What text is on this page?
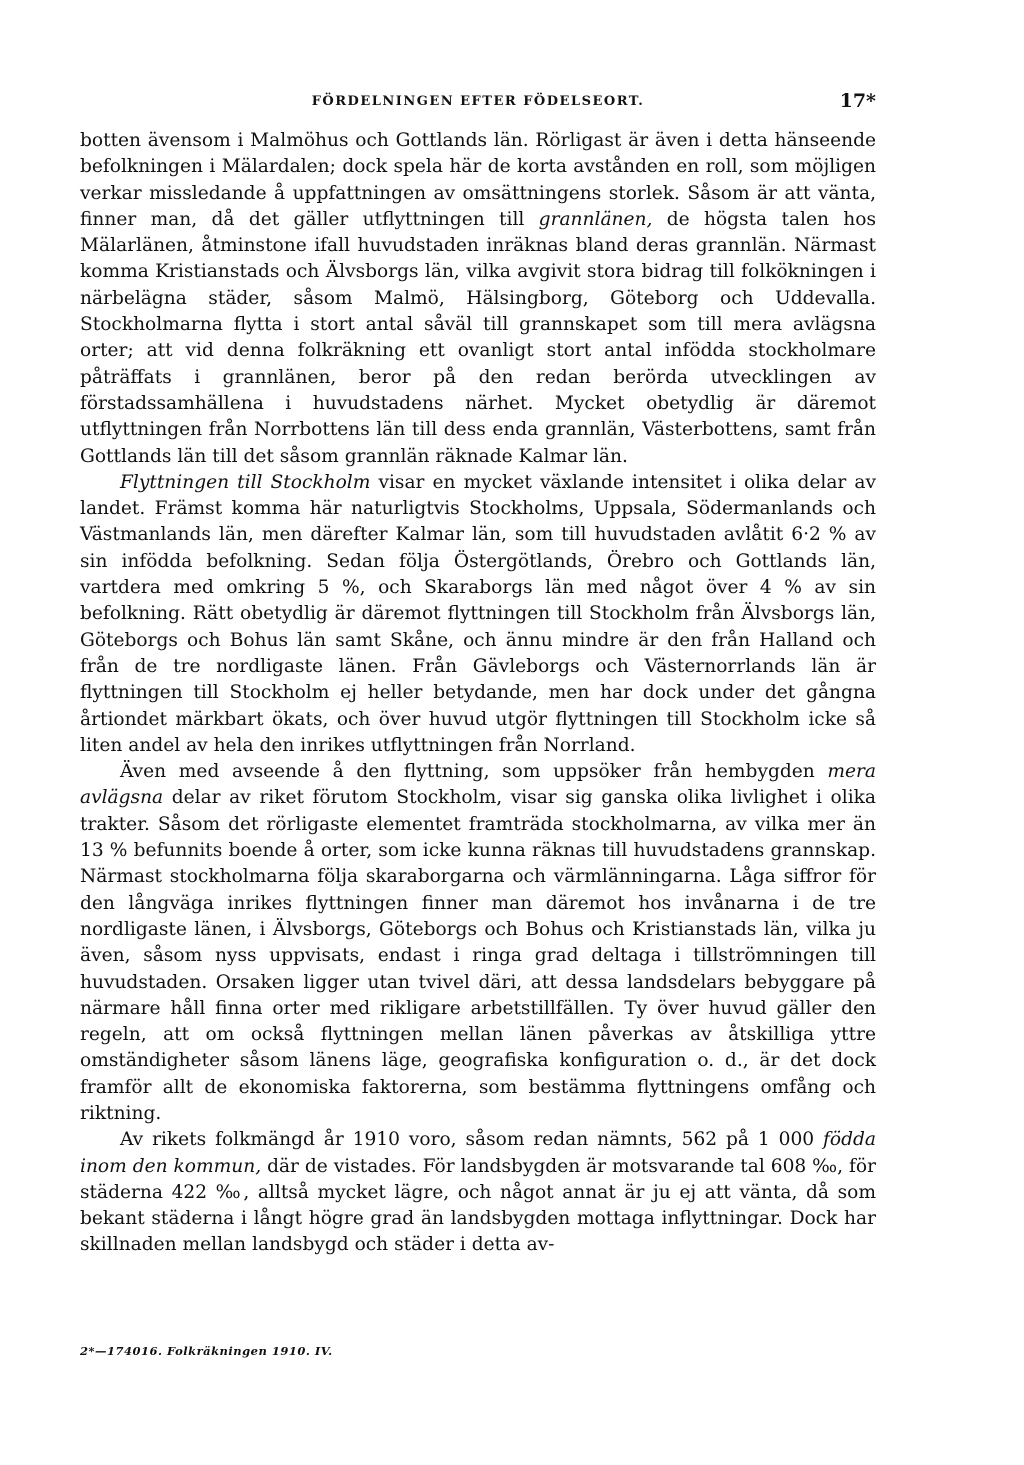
FÖRDELNINGEN EFTER FÖDELSEORT.	17*

botten ävensom i Malmöhus och Gottlands län. Rörligast är även i detta hänseende befolkningen i Mälardalen; dock spela här de korta avstånden en roll, som möjligen verkar missledande å uppfattningen av omsättningens storlek. Såsom är att vänta, finner man, då det gäller utflyttningen till grannlänen, de högsta talen hos Mälarlänen, åtminstone ifall huvudstaden inräknas bland deras grannlän. Närmast komma Kristianstads och Älvsborgs län, vilka avgivit stora bidrag till folkökningen i närbelägna städer, såsom Malmö, Hälsingborg, Göteborg och Uddevalla. Stockholmarna flytta i stort antal såväl till grannskapet som till mera avlägsna orter; att vid denna folkräkning ett ovanligt stort antal infödda stockholmare påträffats i grannlänen, beror på den redan berörda utvecklingen av förstadssamhällena i huvudstadens närhet. Mycket obetydlig är däremot utflyttningen från Norrbottens län till dess enda grannlän, Västerbottens, samt från Gottlands län till det såsom grannlän räknade Kalmar län.

Flyttningen till Stockholm visar en mycket växlande intensitet i olika delar av landet. Främst komma här naturligtvis Stockholms, Uppsala, Södermanlands och Västmanlands län, men därefter Kalmar län, som till huvudstaden avlåtit 6·2 % av sin infödda befolkning. Sedan följa Östergötlands, Örebro och Gottlands län, vartdera med omkring 5 %, och Skaraborgs län med något över 4 % av sin befolkning. Rätt obetydlig är däremot flyttningen till Stockholm från Älvsborgs län, Göteborgs och Bohus län samt Skåne, och ännu mindre är den från Halland och från de tre nordligaste länen. Från Gävleborgs och Västernorrlands län är flyttningen till Stockholm ej heller betydande, men har dock under det gångna årtiondet märkbart ökats, och över huvud utgör flyttningen till Stockholm icke så liten andel av hela den inrikes utflyttningen från Norrland.

Även med avseende å den flyttning, som uppsöker från hembygden mera avlägsna delar av riket förutom Stockholm, visar sig ganska olika livlighet i olika trakter. Såsom det rörligaste elementet framträda stockholmarna, av vilka mer än 13 % befunnits boende å orter, som icke kunna räknas till huvudstadens grannskap. Närmast stockholmarna följa skaraborgarna och värmlänningarna. Låga siffror för den långväga inrikes flyttningen finner man däremot hos invånarna i de tre nordligaste länen, i Älvsborgs, Göteborgs och Bohus och Kristianstads län, vilka ju även, såsom nyss uppvisats, endast i ringa grad deltaga i tillströmningen till huvudstaden. Orsaken ligger utan tvivel däri, att dessa landsdelars bebyggare på närmare håll finna orter med rikligare arbetstillfällen. Ty över huvud gäller den regeln, att om också flyttningen mellan länen påverkas av åtskilliga yttre omständigheter såsom länens läge, geografiska konfiguration o. d., är det dock framför allt de ekonomiska faktorerna, som bestämma flyttningens omfång och riktning.

Av rikets folkmängd år 1910 voro, såsom redan nämnts, 562 på 1 000 födda inom den kommun, där de vistades. För landsbygden är motsvarande tal 608 ‰, för städerna 422 ‰, alltså mycket lägre, och något annat är ju ej att vänta, då som bekant städerna i långt högre grad än landsbygden mottaga inflyttningar. Dock har skillnaden mellan landsbygd och städer i detta av-

2*—174016. Folkräkningen 1910. IV.
